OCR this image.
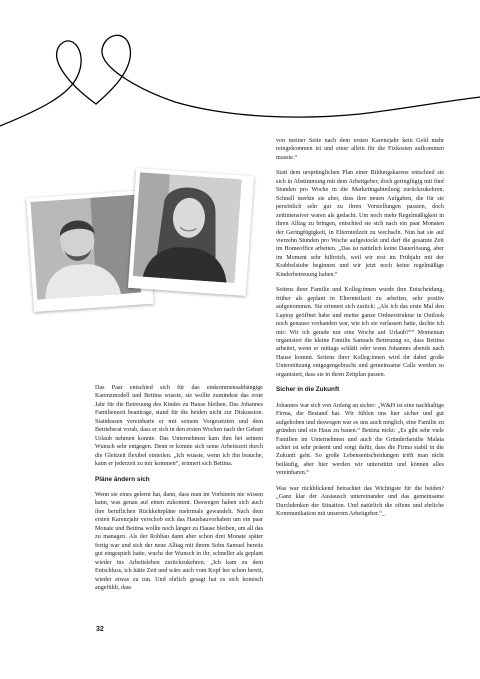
Das Paar entschied sich für das einkommensabhängige Karenzmodell und Bettina wusste, sie wollte zumindest das erste Jahr für die Betreuung des Kindes zu Hause bleiben. Das Johannes Familienzeit beantrage, stand für die beiden nicht zur Diskussion. Stattdessen vereinbarte er mit seinem Vorgesetzten und dem Betriebsrat vorab, dass er sich in den ersten Wochen nach der Geburt Urlaub nehmen konnte. Das Unternehmen kam ihm bei seinem Wunsch sehr entgegen. Denn er konnte sich seine Arbeitszeit durch die Gleitzeit flexibel einteilen. „Ich wusste, wenn ich ihn brauche, kann er jederzeit zu mir kommen“, erinnert sich Bettina.

Pläne ändern sich

Wenn sie eines gelernt hat, dann, dass man im Vorhinein nie wissen kann, was genau auf einen zukommt. Deswegen haben sich auch ihre beruflichen Rückkehrpläne mehrmals gewandelt. Nach dem ersten Karenzjahr verschob sich das Hausbauvorhaben um ein paar Monate und Bettina wollte noch länger zu Hause bleiben, um all das zu managen. Als der Rohbau dann aber schon drei Monate später fertig war und sich der neue Alltag mit ihrem Sohn Samuel bereits gut eingespielt hatte, wuchs der Wunsch in ihr, schneller als geplant wieder ins Arbeitsleben zurückzukehren. „Ich kam zu dem Entschluss, ich hätte Zeit und wäre auch vom Kopf her schon bereit, wieder etwas zu tun. Und ehrlich gesagt hat es sich komisch angefühlt, dass

von meiner Seite nach dem ersten Karenzjahr kein Geld mehr reingekommen ist und einer allein für die Fixkosten aufkommen musste.“

Statt dem ursprünglichen Plan einer Bildungskarenz entschied sie sich in Abstimmung mit dem Arbeitgeber, doch geringfügig mit fünf Stunden pro Woche in die Marketingabteilung zurückzukehren. Schnell merkte sie aber, dass ihre neuen Aufgaben, die für sie persönlich sehr gut zu ihren Vorstellungen passten, doch zeitintensiver waren als gedacht. Um noch mehr Regelmäßigkeit in ihren Alltag zu bringen, entschied sie sich nach ein paar Monaten der Geringfügigkeit, in Elternteilzeit zu wechseln. Nun hat sie auf vierzehn Stunden pro Woche aufgestockt und darf die gesamte Zeit im Homeoffice arbeiten. „Das ist natürlich keine Dauerlösung, aber im Moment sehr hilfreich, weil wir erst im Frühjahr mit der Krabbelstube beginnen und wir jetzt noch keine regelmäßige Kinderbetreuung haben.“

Seitens ihrer Familie und Kolleg:innen wurde ihre Entscheidung, früher als geplant in Elternteilzeit zu arbeiten, sehr positiv aufgenommen. Sie erinnert sich zurück: „Als ich das erste Mal den Laptop geöffnet habe und meine ganze Ordnerstruktur in Outlook noch genauso vorhanden war, wie ich sie verlassen hatte, dachte ich mir: Wir ich gerade nur eine Woche auf Urlaub?““ Momentan organisiert die kleine Familie Samuels Betreuung so, dass Bettina arbeitet, wenn er mittags schläft oder wenn Johannes abends nach Hause kommt. Seitens ihrer Kolleg:innen wird ihr dabei große Unterstützung entgegengebracht und gemeinsame Calls werden so organisiert, dass sie in ihren Zeitplan passen.

Sicher in die Zukunft

Johannes war sich von Anfang an sicher: „W&H ist eine nachhaltige Firma, die Bestand hat. Wir fühlen uns hier sicher und gut aufgehoben und deswegen war es uns auch möglich, eine Familie zu gründen und ein Haus zu bauen.“ Bettina nickt: „Es gibt sehr viele Familien im Unternehmen und auch die Gründerfamilie Malata achtet ist sehr präsent und sorgt dafür, dass die Firma stabil in die Zukunft geht. So große Lebensentscheidungen trifft man nicht beiläufig, aber hier werden wir unterstützt und können alles vereinbaren.“

Was war rückblickend betrachtet das Wichtigste für die beiden? „Ganz klar der Austausch untereinander und das gemeinsame Durchdenken der Situation. Und natürlich die offene und ehrliche Kommunikation mit unserem Arbeitgeber.“_

32
